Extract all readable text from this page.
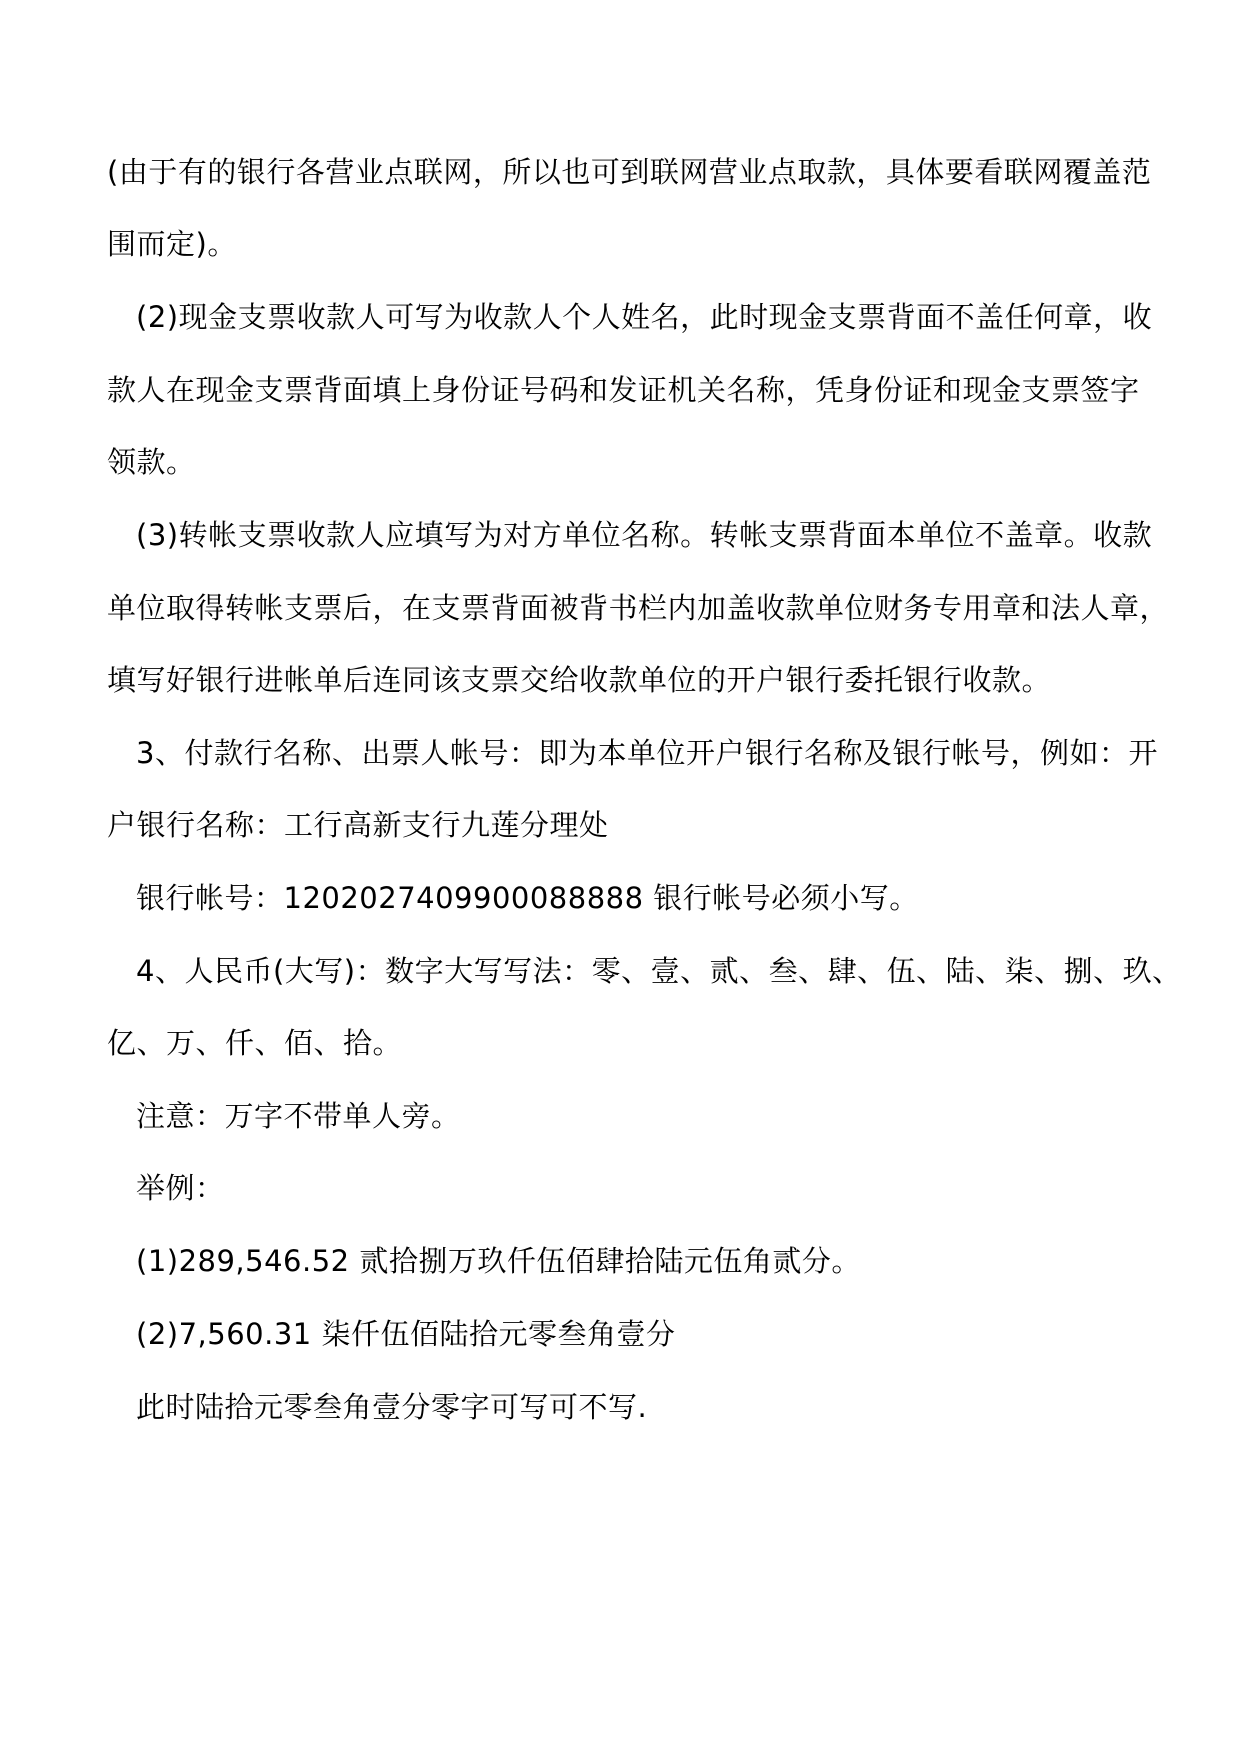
(由于有的银行各营业点联网，所以也可到联网营业点取款，具体要看联网覆盖范
围而定)。
(2)现金支票收款人可写为收款人个人姓名，此时现金支票背面不盖任何章，收
款人在现金支票背面填上身份证号码和发证机关名称，凭身份证和现金支票签字
领款。
(3)转帐支票收款人应填写为对方单位名称。转帐支票背面本单位不盖章。收款
单位取得转帐支票后，在支票背面被背书栏内加盖收款单位财务专用章和法人章，
填写好银行进帐单后连同该支票交给收款单位的开户银行委托银行收款。
3、付款行名称、出票人帐号：即为本单位开户银行名称及银行帐号，例如：开
户银行名称：工行高新支行九莲分理处
银行帐号：1202027409900088888 银行帐号必须小写。
4、人民币(大写)：数字大写写法：零、壹、贰、叁、肆、伍、陆、柒、捌、玖、
亿、万、仟、佰、拾。
注意：万字不带单人旁。
举例：
(1)289,546.52 贰拾捌万玖仟伍佰肆拾陆元伍角贰分。
(2)7,560.31 柒仟伍佰陆拾元零叁角壹分
此时陆拾元零叁角壹分零字可写可不写.
